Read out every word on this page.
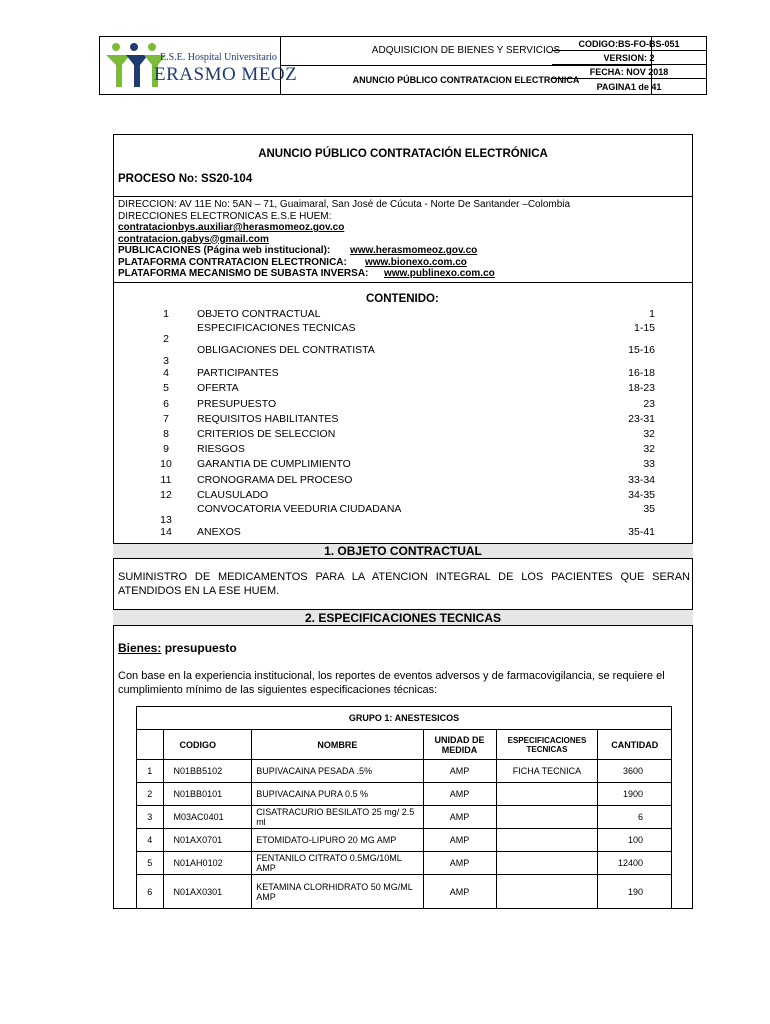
E.S.E. Hospital Universitario
ERASMO MEOZ
ADQUISICION DE BIENES Y SERVICIOS
ANUNCIO PÚBLICO CONTRATACION ELECTRONICA
CODIGO:BS-FO-BS-051
VERSION: 2
FECHA: NOV 2018
PAGINA1 de 41
ANUNCIO PÚBLICO CONTRATACIÓN ELECTRÓNICA
PROCESO No: SS20-104
DIRECCION: AV 11E No: 5AN – 71, Guaimaral, San José de Cúcuta - Norte De Santander –Colombia
DIRECCIONES ELECTRONICAS E.S.E HUEM:
contratacionbys.auxiliar@herasmomeoz.gov.co
contratacion.gabys@gmail.com
PUBLICACIONES (Página web institucional): www.herasmomeoz.gov.co
PLATAFORMA CONTRATACION ELECTRONICA: www.bionexo.com.co
PLATAFORMA MECANISMO DE SUBASTA INVERSA: www.publinexo.com.co
CONTENIDO:
1	OBJETO CONTRACTUAL	1
2	ESPECIFICACIONES TECNICAS	1-15
3	OBLIGACIONES DEL CONTRATISTA	15-16
4	PARTICIPANTES	16-18
5	OFERTA	18-23
6	PRESUPUESTO	23
7	REQUISITOS HABILITANTES	23-31
8	CRITERIOS DE SELECCION	32
9	RIESGOS	32
10	GARANTIA DE CUMPLIMIENTO	33
11	CRONOGRAMA DEL PROCESO	33-34
12	CLAUSULADO	34-35
13	CONVOCATORIA VEEDURIA CIUDADANA	35
14	ANEXOS	35-41
1. OBJETO CONTRACTUAL
SUMINISTRO DE MEDICAMENTOS PARA LA ATENCION INTEGRAL DE LOS PACIENTES QUE SERAN ATENDIDOS EN LA ESE HUEM.
2. ESPECIFICACIONES TECNICAS
Bienes: presupuesto
Con base en la experiencia institucional, los reportes de eventos adversos y de farmacovigilancia, se requiere el cumplimiento mínimo de las siguientes especificaciones técnicas:
GRUPO 1: ANESTESICOS					
	CODIGO	NOMBRE	UNIDAD DE MEDIDA	ESPECIFICACIONES TECNICAS	CANTIDAD
1	N01BB5102	BUPIVACAINA PESADA .5%	AMP	FICHA TECNICA	3600
2	N01BB0101	BUPIVACAINA PURA 0.5 %	AMP		1900
3	M03AC0401	CISATRACURIO BESILATO 25 mg/ 2.5 ml	AMP		6
4	N01AX0701	ETOMIDATO-LIPURO 20 MG AMP	AMP		100
5	N01AH0102	FENTANILO CITRATO 0.5MG/10ML AMP	AMP		12400
6	N01AX0301	KETAMINA CLORHIDRATO 50 MG/ML AMP	AMP		190
